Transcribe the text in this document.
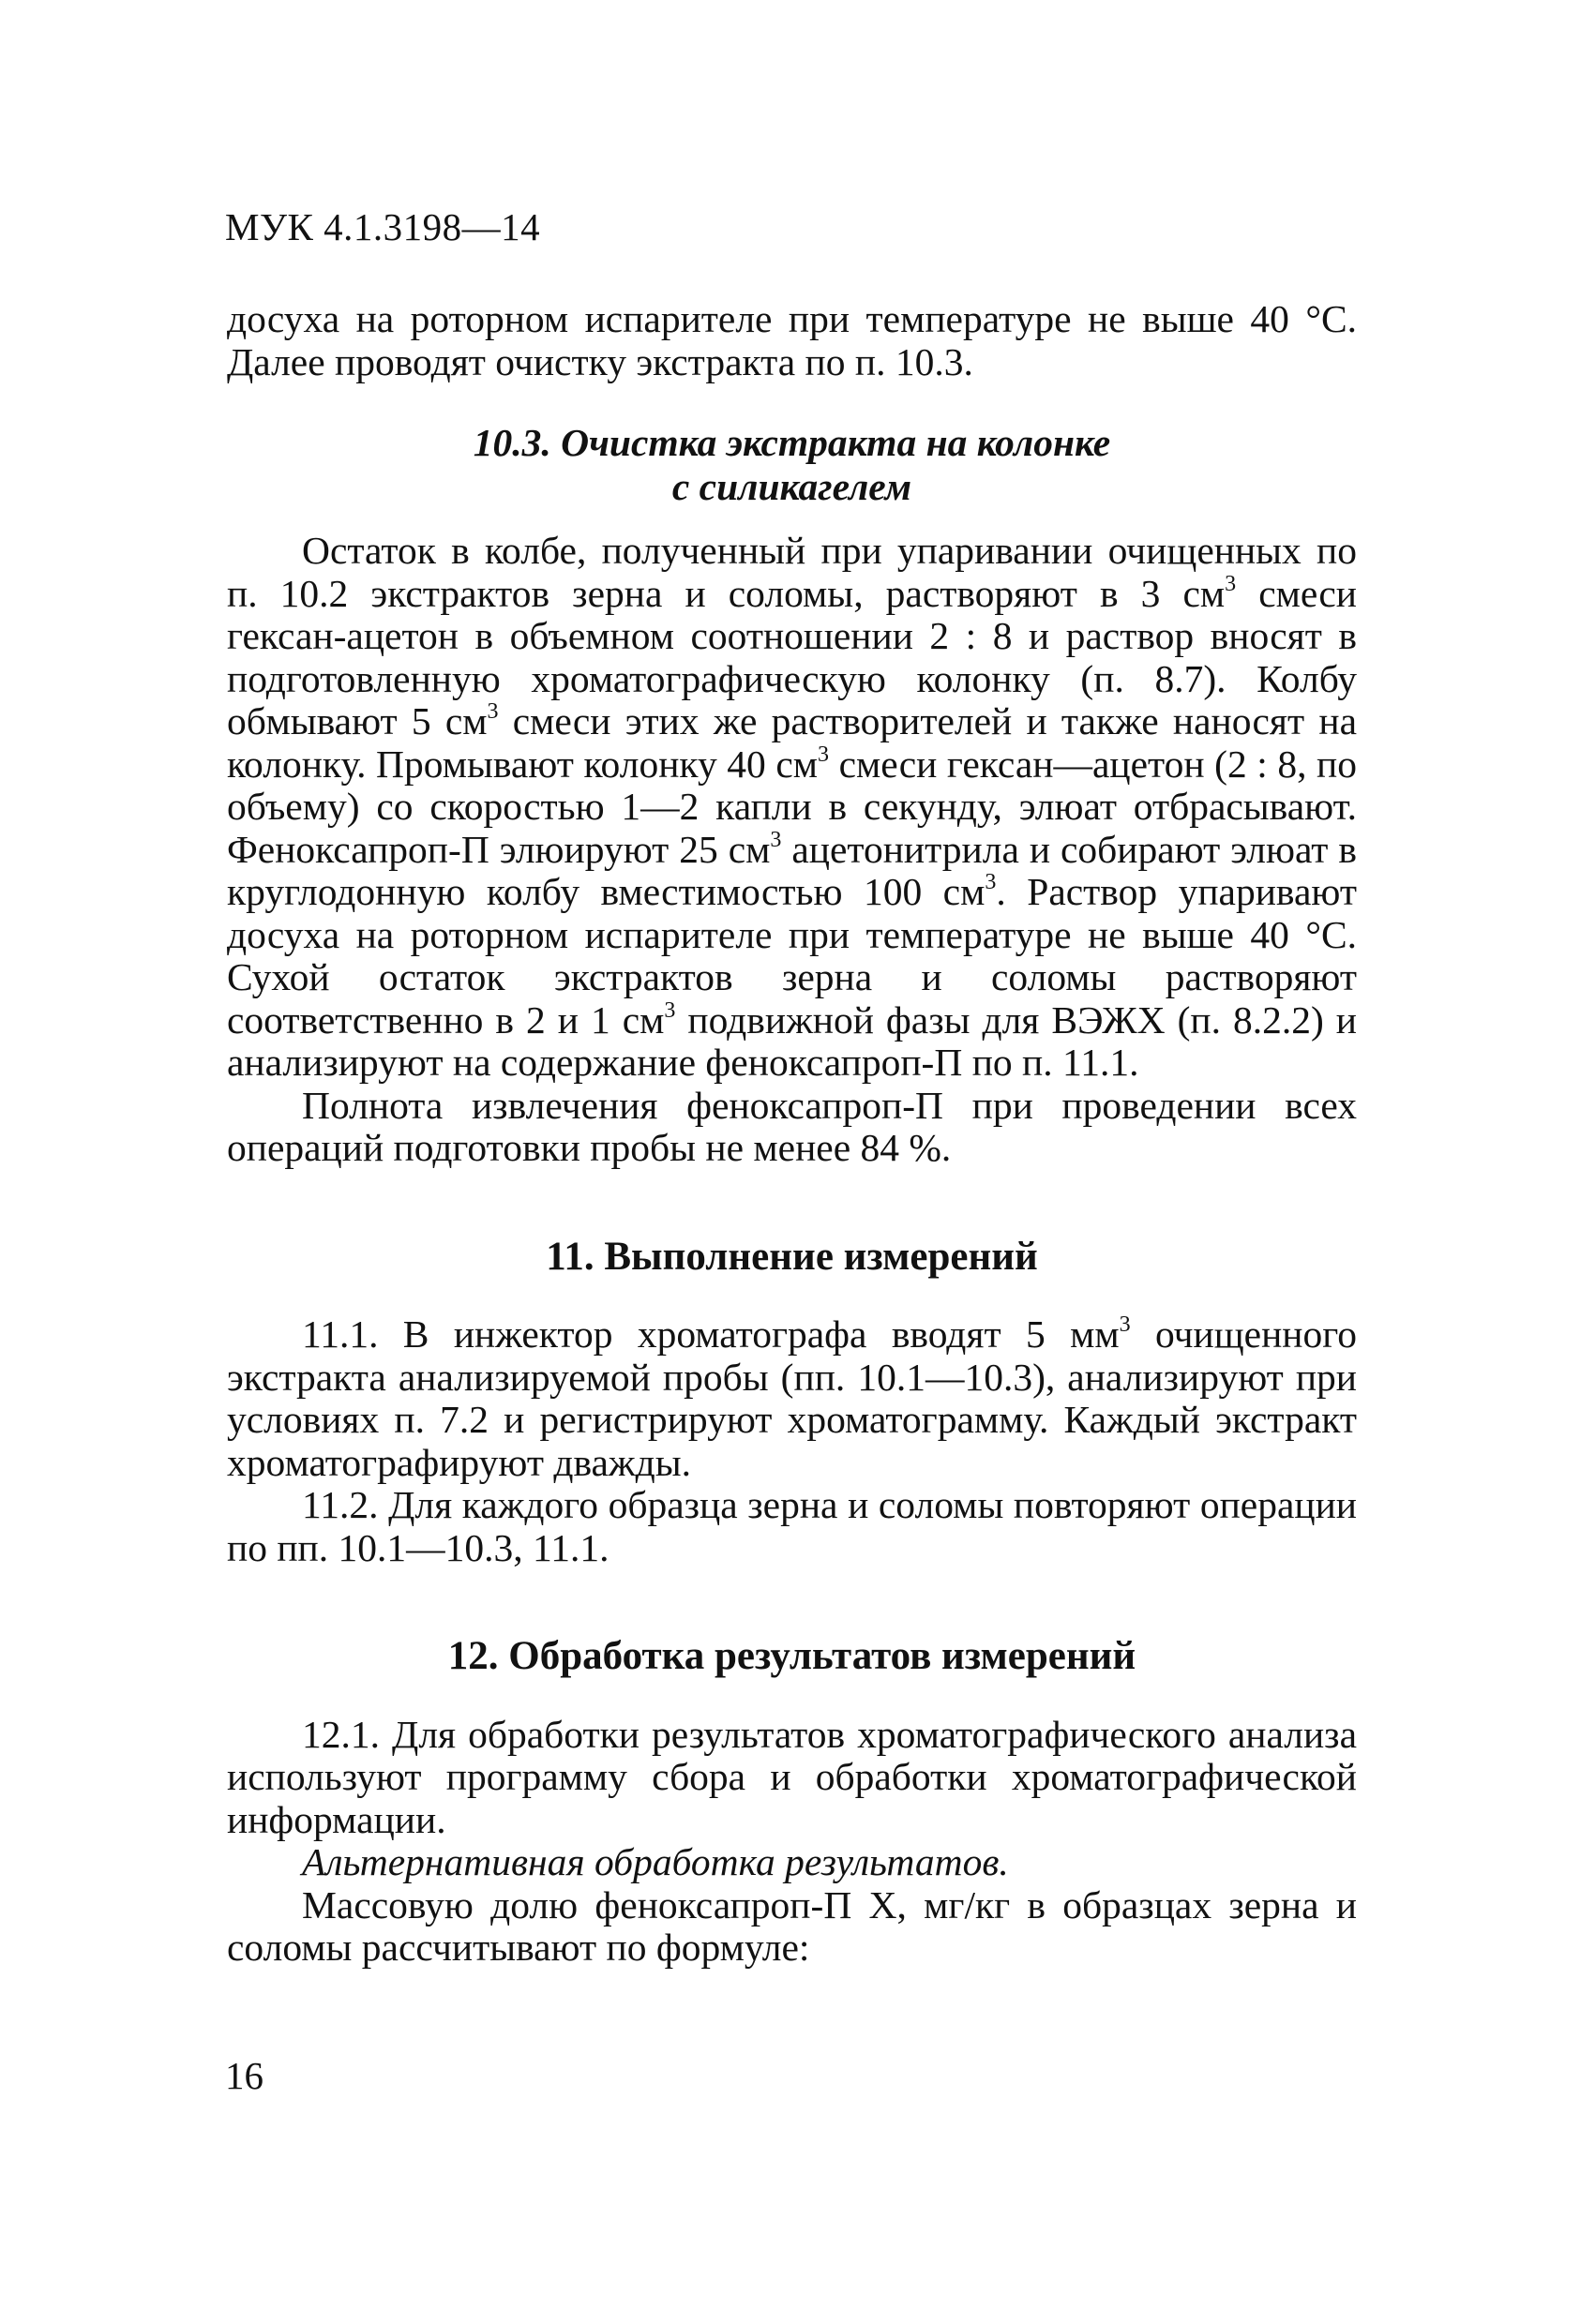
МУК 4.1.3198—14

досуха на роторном испарителе при температуре не выше 40 °С. Далее проводят очистку экстракта по п. 10.3.

10.3. Очистка экстракта на колонке
с силикагелем

Остаток в колбе, полученный при упаривании очищенных по п. 10.2 экстрактов зерна и соломы, растворяют в 3 $см^3$ смеси гексан-ацетон в объемном соотношении 2 : 8 и раствор вносят в подготовленную хроматографическую колонку (п. 8.7). Колбу обмывают 5 $см^3$ смеси этих же растворителей и также наносят на колонку. Промывают колонку 40 $см^3$ смеси гексан—ацетон (2 : 8, по объему) со скоростью 1—2 капли в секунду, элюат отбрасывают. Феноксапроп-П элюируют 25 $см^3$ ацетонитрила и собирают элюат в круглодонную колбу вместимостью 100 $см^3$. Раствор упаривают досуха на роторном испарителе при температуре не выше 40 °С. Сухой остаток экстрактов зерна и соломы растворяют соответственно в 2 и 1 $см^3$ подвижной фазы для ВЭЖХ (п. 8.2.2) и анализируют на содержание феноксапроп-П по п. 11.1.

Полнота извлечения феноксапроп-П при проведении всех операций подготовки пробы не менее 84 %.

11. Выполнение измерений

11.1. В инжектор хроматографа вводят 5 $мм^3$ очищенного экстракта анализируемой пробы (пп. 10.1—10.3), анализируют при условиях п. 7.2 и регистрируют хроматограмму. Каждый экстракт хроматографируют дважды.

11.2. Для каждого образца зерна и соломы повторяют операции по пп. 10.1—10.3, 11.1.

12. Обработка результатов измерений

12.1. Для обработки результатов хроматографического анализа используют программу сбора и обработки хроматографической информации.

Альтернативная обработка результатов.

Массовую долю феноксапроп-П Х, мг/кг в образцах зерна и соломы рассчитывают по формуле:

16
